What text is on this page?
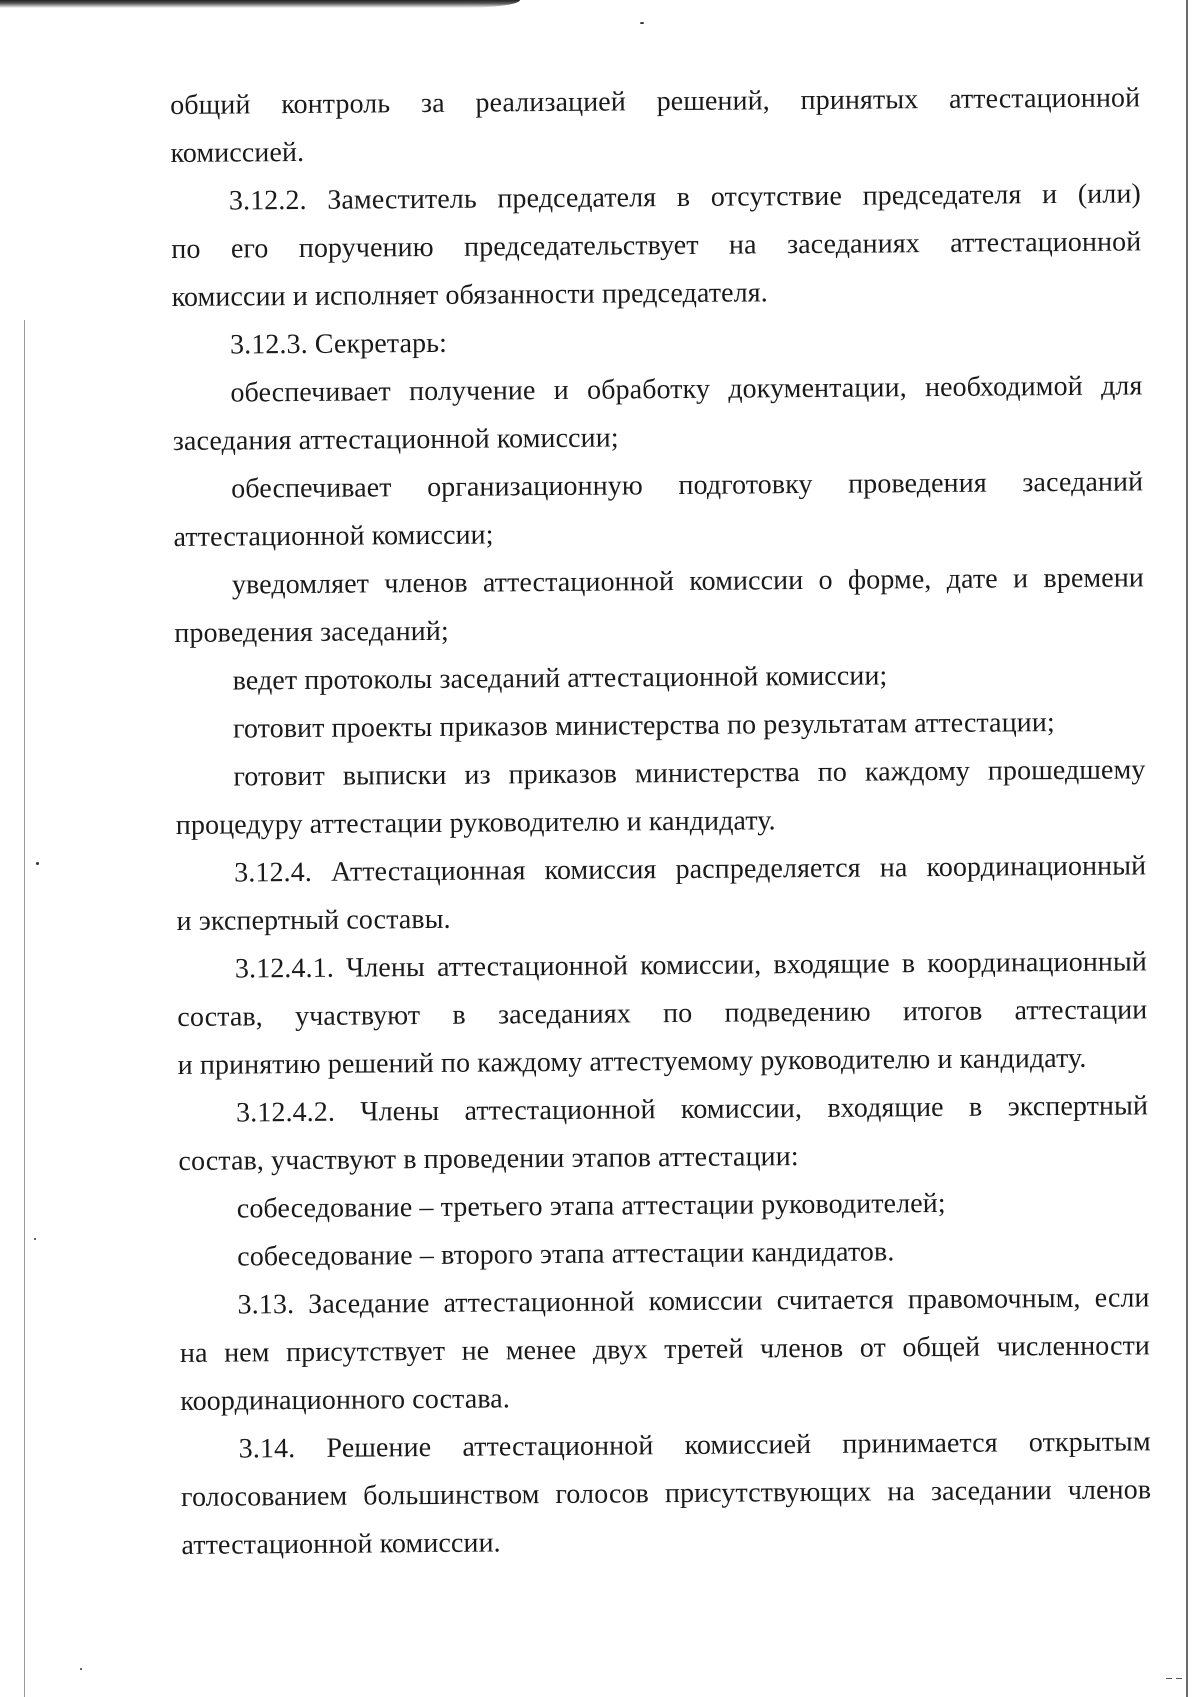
общий контроль за реализацией решений, принятых аттестационной
комиссией.
3.12.2. Заместитель председателя в отсутствие председателя и (или)
по его поручению председательствует на заседаниях аттестационной
комиссии и исполняет обязанности председателя.
3.12.3. Секретарь:
обеспечивает получение и обработку документации, необходимой для
заседания аттестационной комиссии;
обеспечивает организационную подготовку проведения заседаний
аттестационной комиссии;
уведомляет членов аттестационной комиссии о форме, дате и времени
проведения заседаний;
ведет протоколы заседаний аттестационной комиссии;
готовит проекты приказов министерства по результатам аттестации;
готовит выписки из приказов министерства по каждому прошедшему
процедуру аттестации руководителю и кандидату.
3.12.4. Аттестационная комиссия распределяется на координационный
и экспертный составы.
3.12.4.1. Члены аттестационной комиссии, входящие в координационный
состав, участвуют в заседаниях по подведению итогов аттестации
и принятию решений по каждому аттестуемому руководителю и кандидату.
3.12.4.2. Члены аттестационной комиссии, входящие в экспертный
состав, участвуют в проведении этапов аттестации:
собеседование – третьего этапа аттестации руководителей;
собеседование – второго этапа аттестации кандидатов.
3.13. Заседание аттестационной комиссии считается правомочным, если
на нем присутствует не менее двух третей членов от общей численности
координационного состава.
3.14. Решение аттестационной комиссией принимается открытым
голосованием большинством голосов присутствующих на заседании членов
аттестационной комиссии.
